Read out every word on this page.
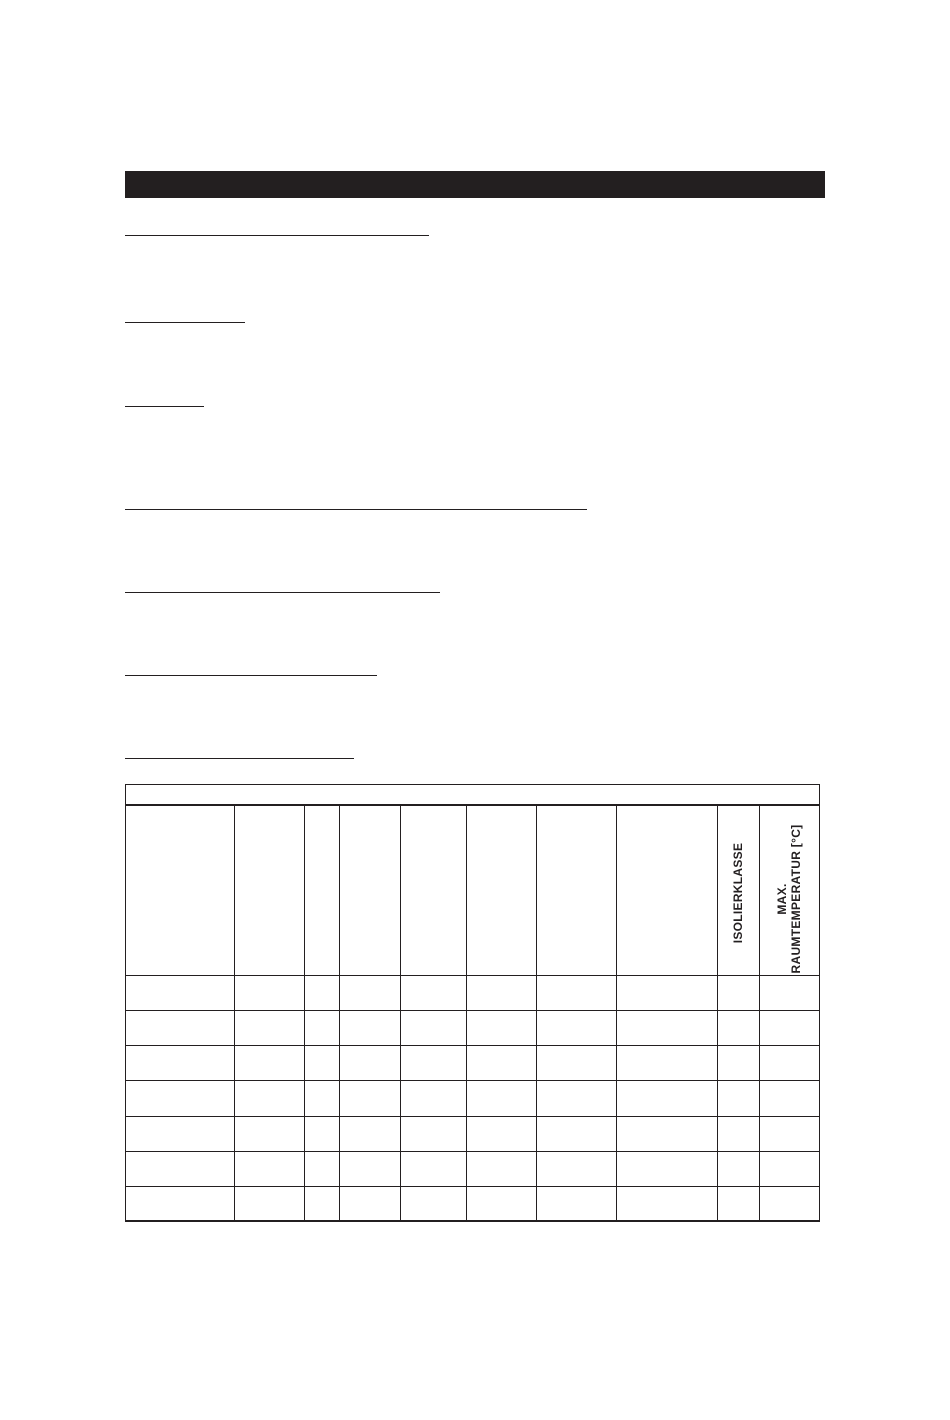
ISOLIERKLASSE	MAX. RAUMTEMPERATUR [°C]
